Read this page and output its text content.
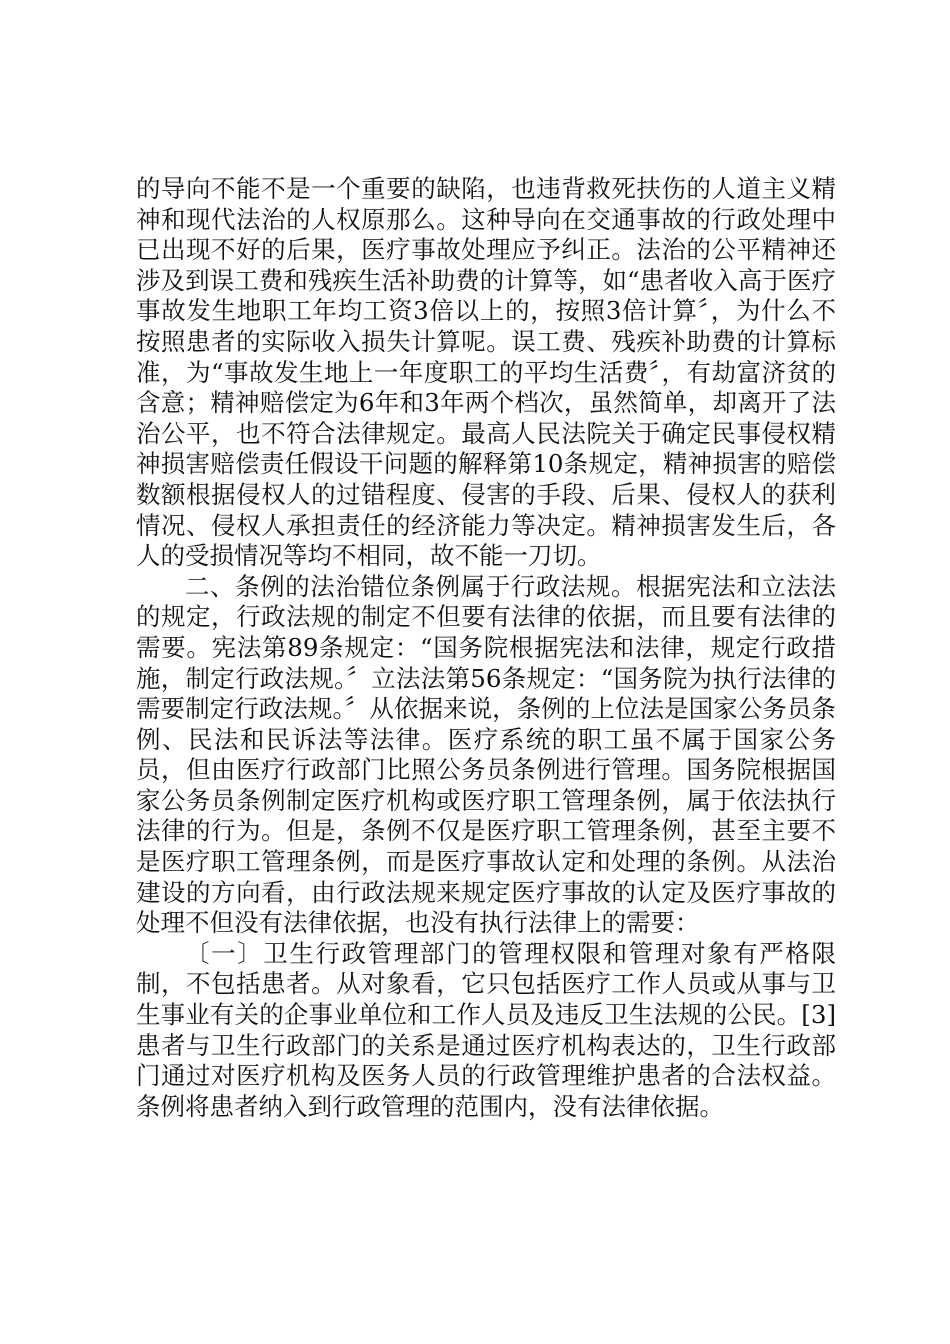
的导向不能不是一个重要的缺陷，也违背救死扶伤的人道主义精神和现代法治的人权原那么。这种导向在交通事故的行政处理中已出现不好的后果，医疗事故处理应予纠正。法治的公平精神还涉及到误工费和残疾生活补助费的计算等，如“患者收入高于医疗事故发生地职工年均工资3倍以上的，按照3倍计算〞，为什么不按照患者的实际收入损失计算呢。误工费、残疾补助费的计算标准，为“事故发生地上一年度职工的平均生活费〞，有劫富济贫的含意；精神赔偿定为6年和3年两个档次，虽然简单，却离开了法治公平，也不符合法律规定。最高人民法院关于确定民事侵权精神损害赔偿责任假设干问题的解释第10条规定，精神损害的赔偿数额根据侵权人的过错程度、侵害的手段、后果、侵权人的获利情况、侵权人承担责任的经济能力等决定。精神损害发生后，各人的受损情况等均不相同，故不能一刀切。

二、条例的法治错位条例属于行政法规。根据宪法和立法法的规定，行政法规的制定不但要有法律的依据，而且要有法律的需要。宪法第89条规定：“国务院根据宪法和法律，规定行政措施，制定行政法规。〞立法法第56条规定：“国务院为执行法律的需要制定行政法规。〞从依据来说，条例的上位法是国家公务员条例、民法和民诉法等法律。医疗系统的职工虽不属于国家公务员，但由医疗行政部门比照公务员条例进行管理。国务院根据国家公务员条例制定医疗机构或医疗职工管理条例，属于依法执行法律的行为。但是，条例不仅是医疗职工管理条例，甚至主要不是医疗职工管理条例，而是医疗事故认定和处理的条例。从法治建设的方向看，由行政法规来规定医疗事故的认定及医疗事故的处理不但没有法律依据，也没有执行法律上的需要：

〔一〕卫生行政管理部门的管理权限和管理对象有严格限制，不包括患者。从对象看，它只包括医疗工作人员或从事与卫生事业有关的企事业单位和工作人员及违反卫生法规的公民。[3]患者与卫生行政部门的关系是通过医疗机构表达的，卫生行政部门通过对医疗机构及医务人员的行政管理维护患者的合法权益。条例将患者纳入到行政管理的范围内，没有法律依据。
